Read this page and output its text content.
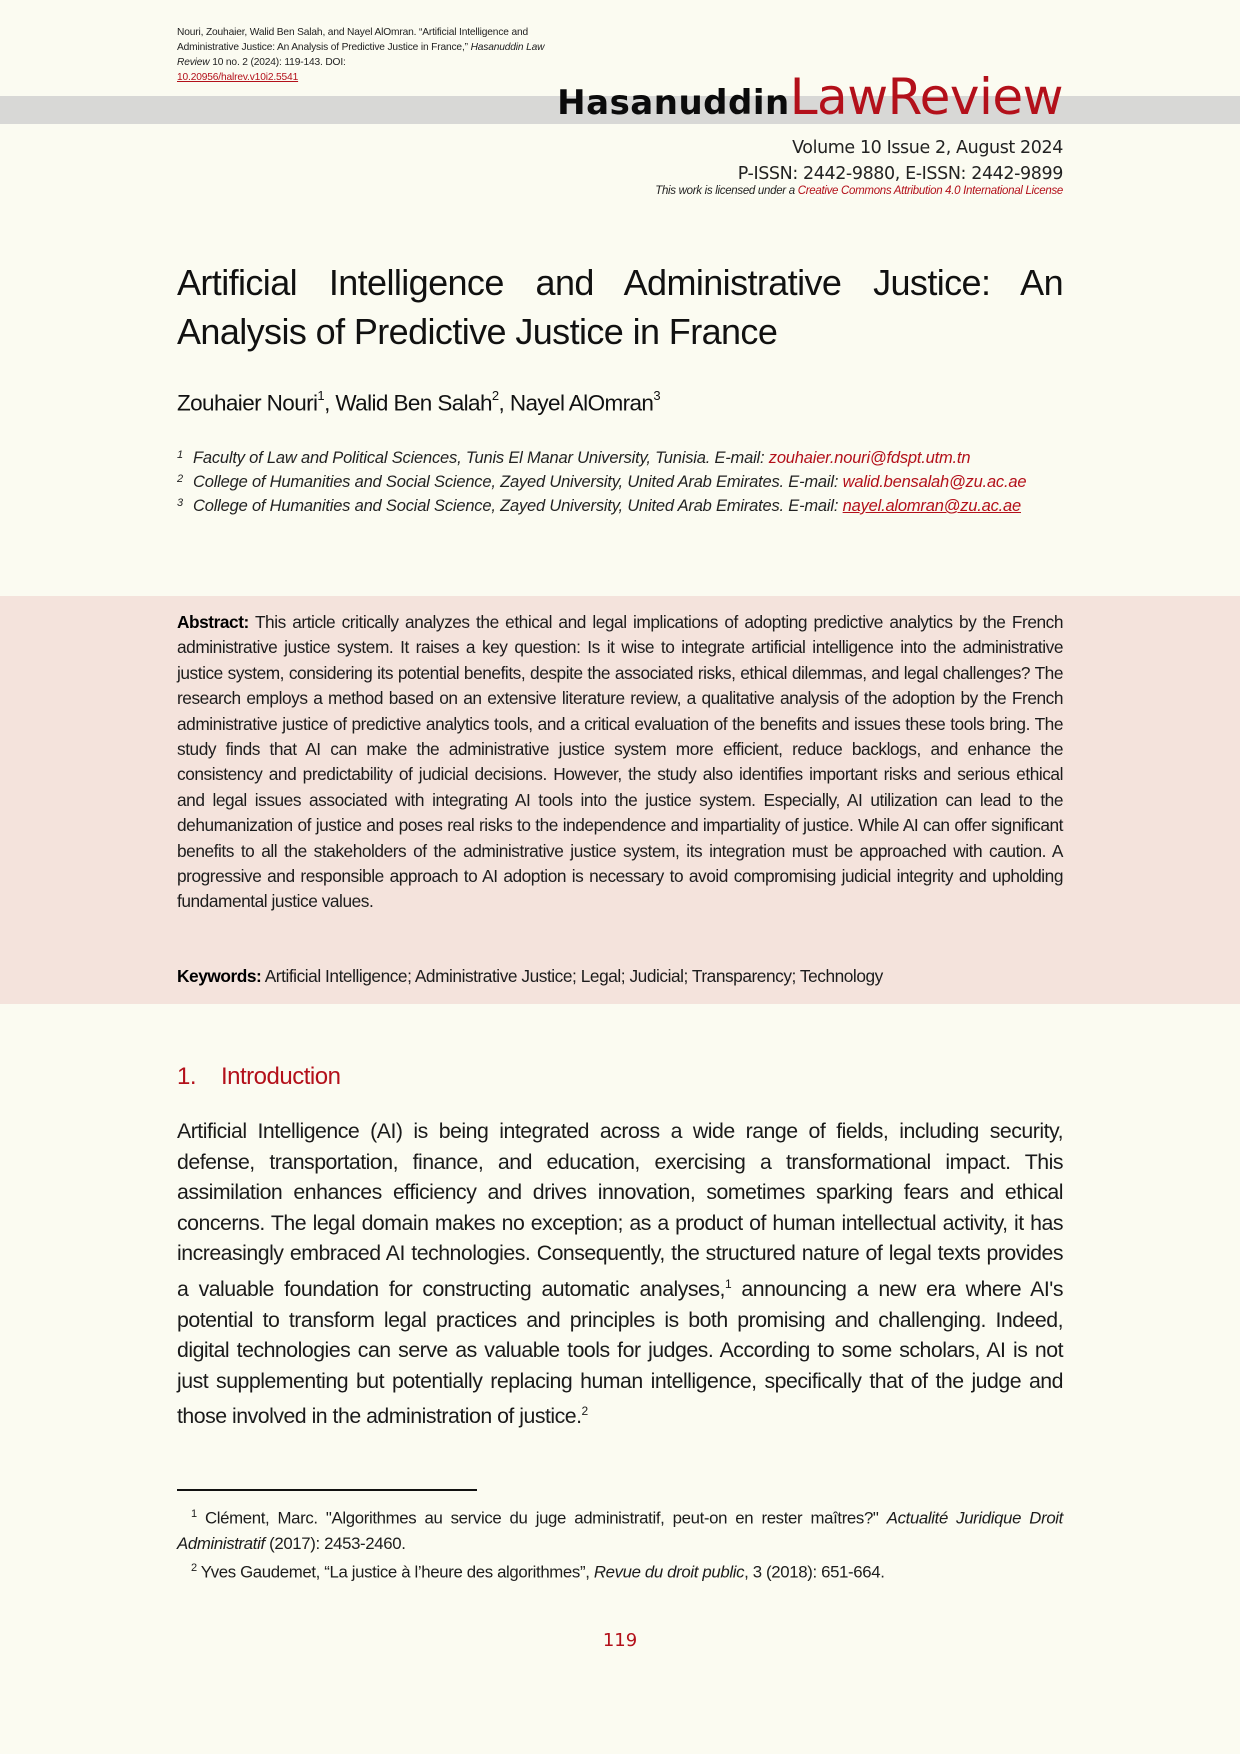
Nouri, Zouhaier, Walid Ben Salah, and Nayel AlOmran. “Artificial Intelligence and Administrative Justice: An Analysis of Predictive Justice in France,” Hasanuddin Law Review 10 no. 2 (2024): 119-143. DOI:
10.20956/halrev.v10i2.5541
HasanuddinLawReview
Volume 10 Issue 2, August 2024
P-ISSN: 2442-9880, E-ISSN: 2442-9899
This work is licensed under a Creative Commons Attribution 4.0 International License
Artificial Intelligence and Administrative Justice: An Analysis of Predictive Justice in France
Zouhaier Nouri$^1$, Walid Ben Salah$^2$, Nayel AlOmran$^3$
1 Faculty of Law and Political Sciences, Tunis El Manar University, Tunisia. E-mail: zouhaier.nouri@fdspt.utm.tn
2 College of Humanities and Social Science, Zayed University, United Arab Emirates. E-mail: walid.bensalah@zu.ac.ae
3 College of Humanities and Social Science, Zayed University, United Arab Emirates. E-mail: nayel.alomran@zu.ac.ae
Abstract: This article critically analyzes the ethical and legal implications of adopting predictive analytics by the French administrative justice system. It raises a key question: Is it wise to integrate artificial intelligence into the administrative justice system, considering its potential benefits, despite the associated risks, ethical dilemmas, and legal challenges? The research employs a method based on an extensive literature review, a qualitative analysis of the adoption by the French administrative justice of predictive analytics tools, and a critical evaluation of the benefits and issues these tools bring. The study finds that AI can make the administrative justice system more efficient, reduce backlogs, and enhance the consistency and predictability of judicial decisions. However, the study also identifies important risks and serious ethical and legal issues associated with integrating AI tools into the justice system. Especially, AI utilization can lead to the dehumanization of justice and poses real risks to the independence and impartiality of justice. While AI can offer significant benefits to all the stakeholders of the administrative justice system, its integration must be approached with caution. A progressive and responsible approach to AI adoption is necessary to avoid compromising judicial integrity and upholding fundamental justice values.
Keywords: Artificial Intelligence; Administrative Justice; Legal; Judicial; Transparency; Technology
1. Introduction
Artificial Intelligence (AI) is being integrated across a wide range of fields, including security, defense, transportation, finance, and education, exercising a transformational impact. This assimilation enhances efficiency and drives innovation, sometimes sparking fears and ethical concerns. The legal domain makes no exception; as a product of human intellectual activity, it has increasingly embraced AI technologies. Consequently, the structured nature of legal texts provides a valuable foundation for constructing automatic analyses,$^1$ announcing a new era where AI's potential to transform legal practices and principles is both promising and challenging. Indeed, digital technologies can serve as valuable tools for judges. According to some scholars, AI is not just supplementing but potentially replacing human intelligence, specifically that of the judge and those involved in the administration of justice.$^2$
$^1$ Clément, Marc. "Algorithmes au service du juge administratif, peut-on en rester maîtres?" Actualité Juridique Droit Administratif (2017): 2453-2460.
$^2$ Yves Gaudemet, “La justice à l’heure des algorithmes”, Revue du droit public, 3 (2018): 651-664.
119
